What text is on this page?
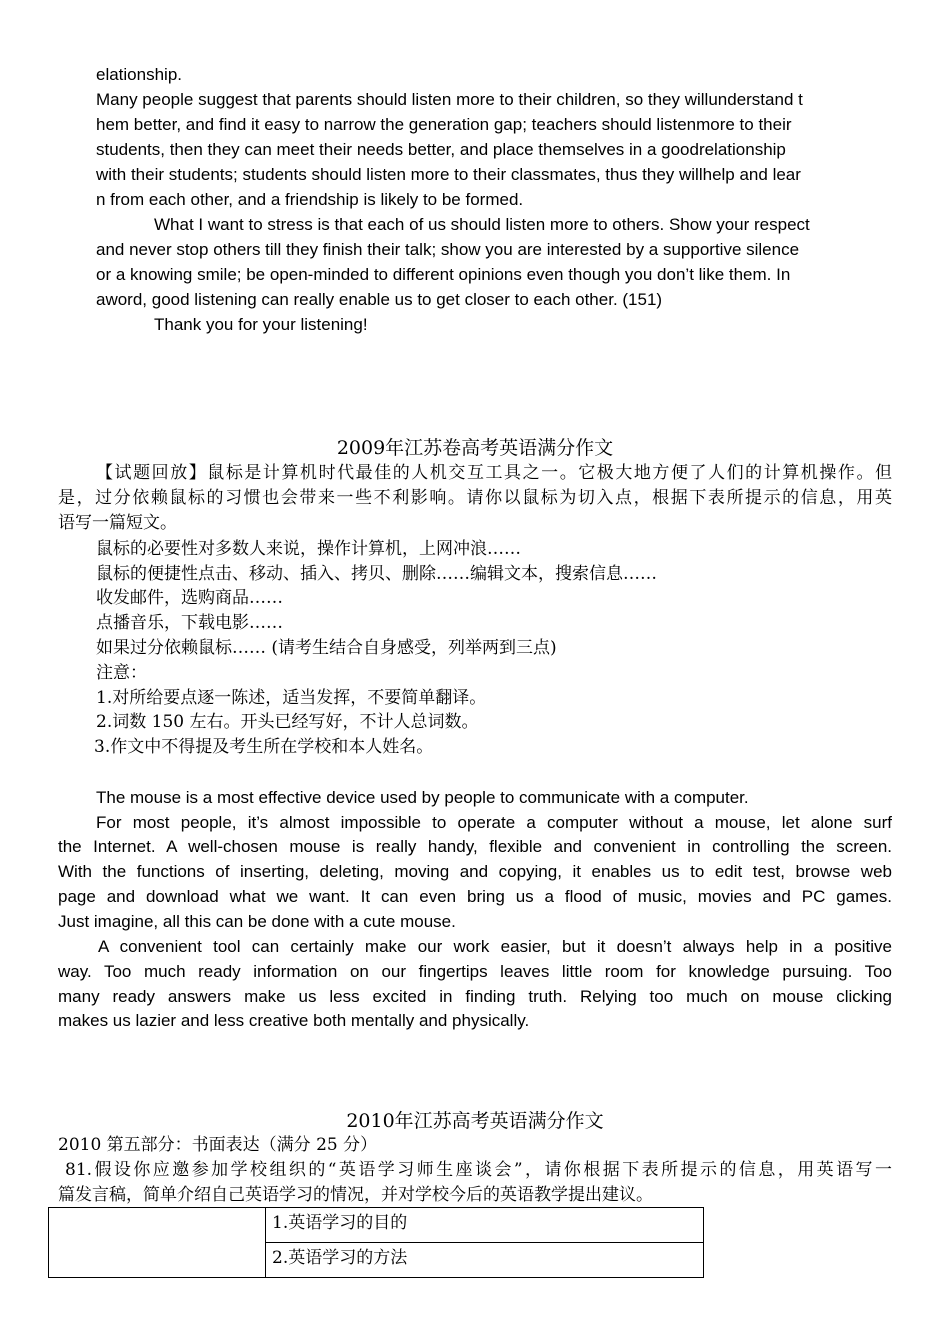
elationship.
Many people suggest that parents should listen more to their children, so they willunderstand t
hem better, and find it easy to narrow the generation gap; teachers should listenmore to their
students, then they can meet their needs better, and place themselves in a goodrelationship
with their students; students should listen more to their classmates, thus they willhelp and lear
n from each other, and a friendship is likely to be formed.
What I want to stress is that each of us should listen more to others. Show your respect
and never stop others till they finish their talk; show you are interested by a supportive silence
or a knowing smile; be open-minded to different opinions even though you don’t like them. In
aword, good listening can really enable us to get closer to each other. (151)
Thank you for your listening!
2009年江苏卷高考英语满分作文
【试题回放】鼠标是计算机时代最佳的人机交互工具之一。它极大地方便了人们的计算机操作。但
是，过分依赖鼠标的习惯也会带来一些不利影响。请你以鼠标为切入点，根据下表所提示的信息，用英
语写一篇短文。
鼠标的必要性对多数人来说，操作计算机，上网冲浪……
鼠标的便捷性点击、移动、插入、拷贝、删除……编辑文本，搜索信息……
收发邮件，选购商品……
点播音乐，下载电影……
如果过分依赖鼠标…… (请考生结合自身感受，列举两到三点)
注意：
1.对所给要点逐一陈述，适当发挥，不要简单翻译。
2.词数 150 左右。开头已经写好，不计人总词数。
3.作文中不得提及考生所在学校和本人姓名。
The mouse is a most effective device used by people to communicate with a computer.
For most people, it’s almost impossible to operate a computer without a mouse, let alone surf
the Internet. A well-chosen mouse is really handy, flexible and convenient in controlling the screen.
With the functions of inserting, deleting, moving and copying, it enables us to edit test, browse web
page and download what we want. It can even bring us a flood of music, movies and PC games.
Just imagine, all this can be done with a cute mouse.
A convenient tool can certainly make our work easier, but it doesn’t always help in a positive
way. Too much ready information on our fingertips leaves little room for knowledge pursuing. Too
many ready answers make us less excited in finding truth. Relying too much on mouse clicking
makes us lazier and less creative both mentally and physically.
2010年江苏高考英语满分作文
2010 第五部分：书面表达（满分 25 分）
81.假设你应邀参加学校组织的“英语学习师生座谈会”，请你根据下表所提示的信息，用英语写一
篇发言稿，简单介绍自己英语学习的情况，并对学校今后的英语教学提出建议。
	1.英语学习的目的
2.英语学习的方法
